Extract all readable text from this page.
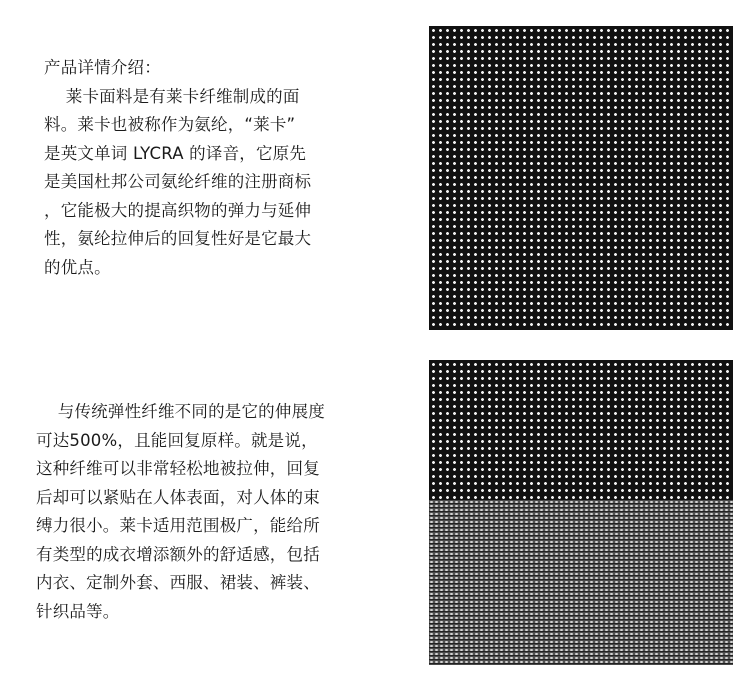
产品详情介绍：
莱卡面料是有莱卡纤维制成的面
料。莱卡也被称作为氨纶，“莱卡”
是英文单词 LYCRA 的译音，它原先
是美国杜邦公司氨纶纤维的注册商标
，它能极大的提高织物的弹力与延伸
性，氨纶拉伸后的回复性好是它最大
的优点。
与传统弹性纤维不同的是它的伸展度
可达500%，且能回复原样。就是说，
这种纤维可以非常轻松地被拉伸，回复
后却可以紧贴在人体表面，对人体的束
缚力很小。莱卡适用范围极广，能给所
有类型的成衣增添额外的舒适感，包括
内衣、定制外套、西服、裙装、裤装、
针织品等。
